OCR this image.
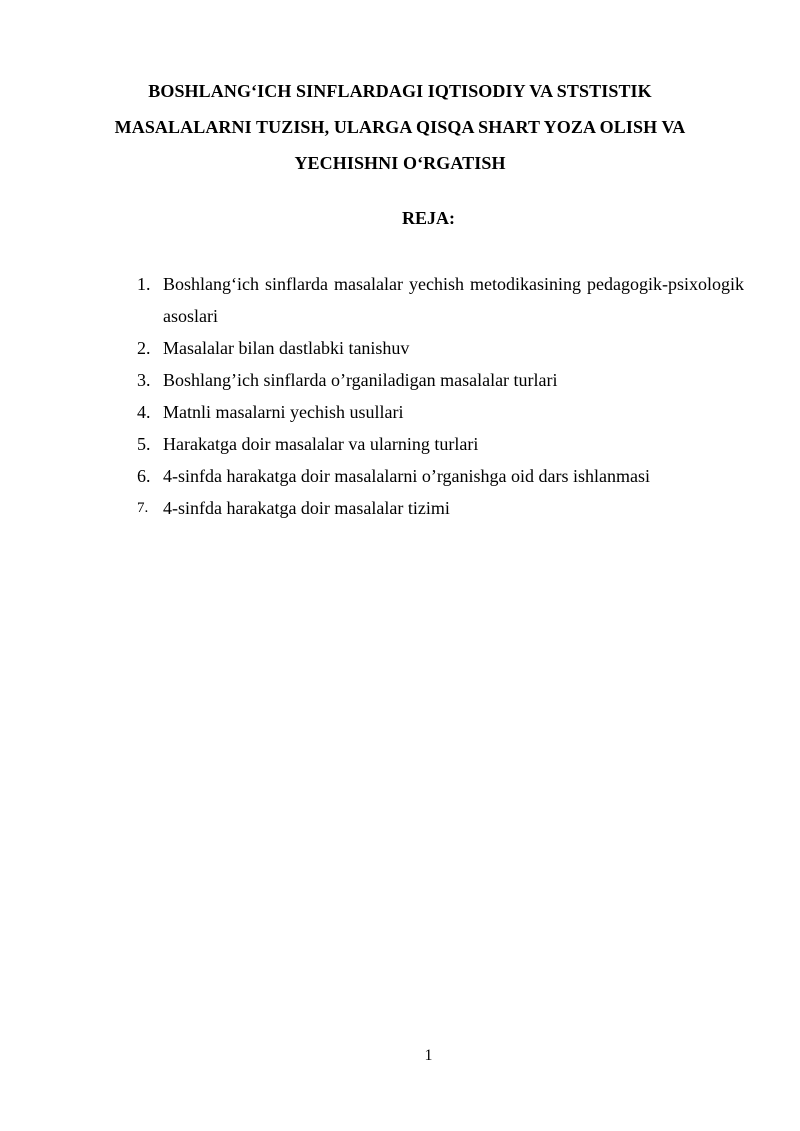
BOSHLANG‘ICH SINFLARDAGI IQTISODIY VA STSTISTIK
MASALALARNI TUZISH, ULARGA QISQA SHART YOZA OLISH VA
YECHISHNI O‘RGATISH
REJA:
1. Boshlang‘ich sinflarda masalalar yechish metodikasining pedagogik-psixologik asoslari
2. Masalalar bilan dastlabki tanishuv
3. Boshlang’ich sinflarda o’rganiladigan masalalar turlari
4. Matnli masalarni yechish usullari
5. Harakatga doir masalalar va ularning turlari
6. 4-sinfda harakatga doir masalalarni o’rganishga oid dars ishlanmasi
7. 4-sinfda harakatga doir masalalar tizimi
1
